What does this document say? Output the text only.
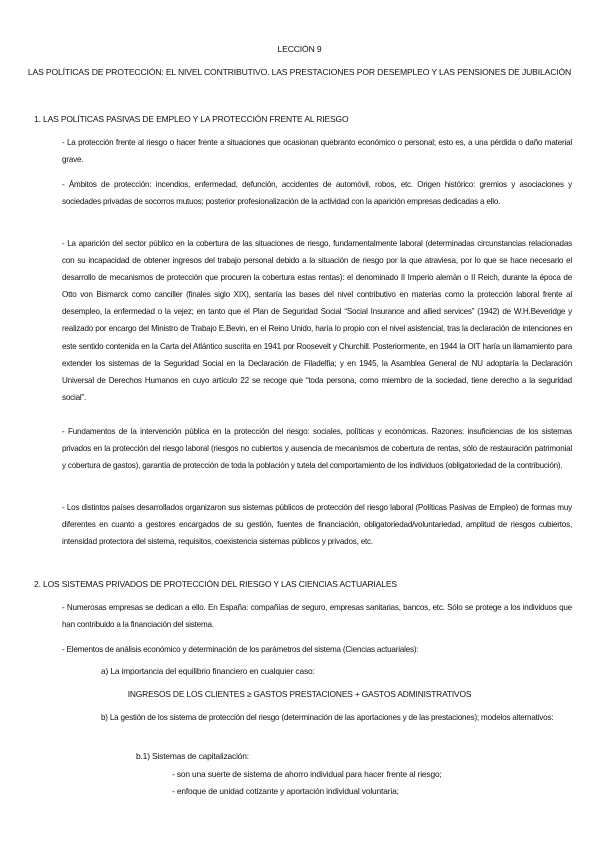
LECCIÓN 9
LAS POLÍTICAS DE PROTECCIÓN: EL NIVEL CONTRIBUTIVO. LAS PRESTACIONES POR DESEMPLEO Y LAS PENSIONES DE JUBILACIÓN
1. LAS POLÍTICAS PASIVAS DE EMPLEO Y LA PROTECCIÓN FRENTE AL RIESGO
- La protección frente al riesgo o hacer frente a situaciones que ocasionan quebranto económico o personal; esto es, a una pérdida o daño material grave.
- Ámbitos de protección: incendios, enfermedad, defunción, accidentes de automóvil, robos, etc. Origen histórico: gremios y asociaciones y sociedades privadas de socorros mutuos; posterior profesionalización de la actividad con la aparición empresas dedicadas a ello.
- La aparición del sector público en la cobertura de las situaciones de riesgo, fundamentalmente laboral (determinadas circunstancias relacionadas con su incapacidad de obtener ingresos del trabajo personal debido a la situación de riesgo por la que atraviesa, por lo que se hace necesario el desarrollo de mecanismos de protección que procuren la cobertura estas rentas): el denominado II Imperio alemán o II Reich, durante la época de Otto von Bismarck como canciller (finales siglo XIX), sentaría las bases del nivel contributivo en materias como la protección laboral frente al desempleo, la enfermedad o la vejez; en tanto que el Plan de Seguridad Social “Social Insurance and allied services” (1942) de W.H.Beveridge y realizado por encargo del Ministro de Trabajo E.Bevin, en el Reino Unido, haría lo propio con el nivel asistencial, tras la declaración de intenciones en este sentido contenida en la Carta del Atlántico suscrita en 1941 por Roosevelt y Churchill. Posteriormente, en 1944 la OIT haría un llamamiento para extender los sistemas de la Seguridad Social en la Declaración de Filadelfia; y en 1945, la Asamblea General de NU adoptaría la Declaración Universal de Derechos Humanos en cuyo artículo 22 se recoge que “toda persona, como miembro de la sociedad, tiene derecho a la seguridad social”.
- Fundamentos de la intervención pública en la protección del riesgo: sociales, políticas y económicas. Razones: insuficiencias de los sistemas privados en la protección del riesgo laboral (riesgos no cubiertos y ausencia de mecanismos de cobertura de rentas, sólo de restauración patrimonial y cobertura de gastos), garantía de protección de toda la población y tutela del comportamiento de los individuos (obligatoriedad de la contribución).
- Los distintos países desarrollados organizaron sus sistemas públicos de protección del riesgo laboral (Políticas Pasivas de Empleo) de formas muy diferentes en cuanto a gestores encargados de su gestión, fuentes de financiación, obligatoriedad/voluntariedad, amplitud de riesgos cubiertos, intensidad protectora del sistema, requisitos, coexistencia sistemas públicos y privados, etc.
2. LOS SISTEMAS PRIVADOS DE PROTECCIÓN DEL RIESGO Y LAS CIENCIAS ACTUARIALES
- Numerosas empresas se dedican a ello. En España: compañías de seguro, empresas sanitarias, bancos, etc. Sólo se protege a los individuos que han contribuido a la financiación del sistema.
- Elementos de análisis económico y determinación de los parámetros del sistema (Ciencias actuariales):
a) La importancia del equilibrio financiero en cualquier caso:
INGRESOS DE LOS CLIENTES ≥ GASTOS PRESTACIONES + GASTOS ADMINISTRATIVOS
b) La gestión de los sistema de protección del riesgo (determinación de las aportaciones y de las prestaciones); modelos alternativos:
b.1) Sistemas de capitalización:
- son una suerte de sistema de ahorro individual para hacer frente al riesgo;
- enfoque de unidad cotizante y aportación individual voluntaria;
